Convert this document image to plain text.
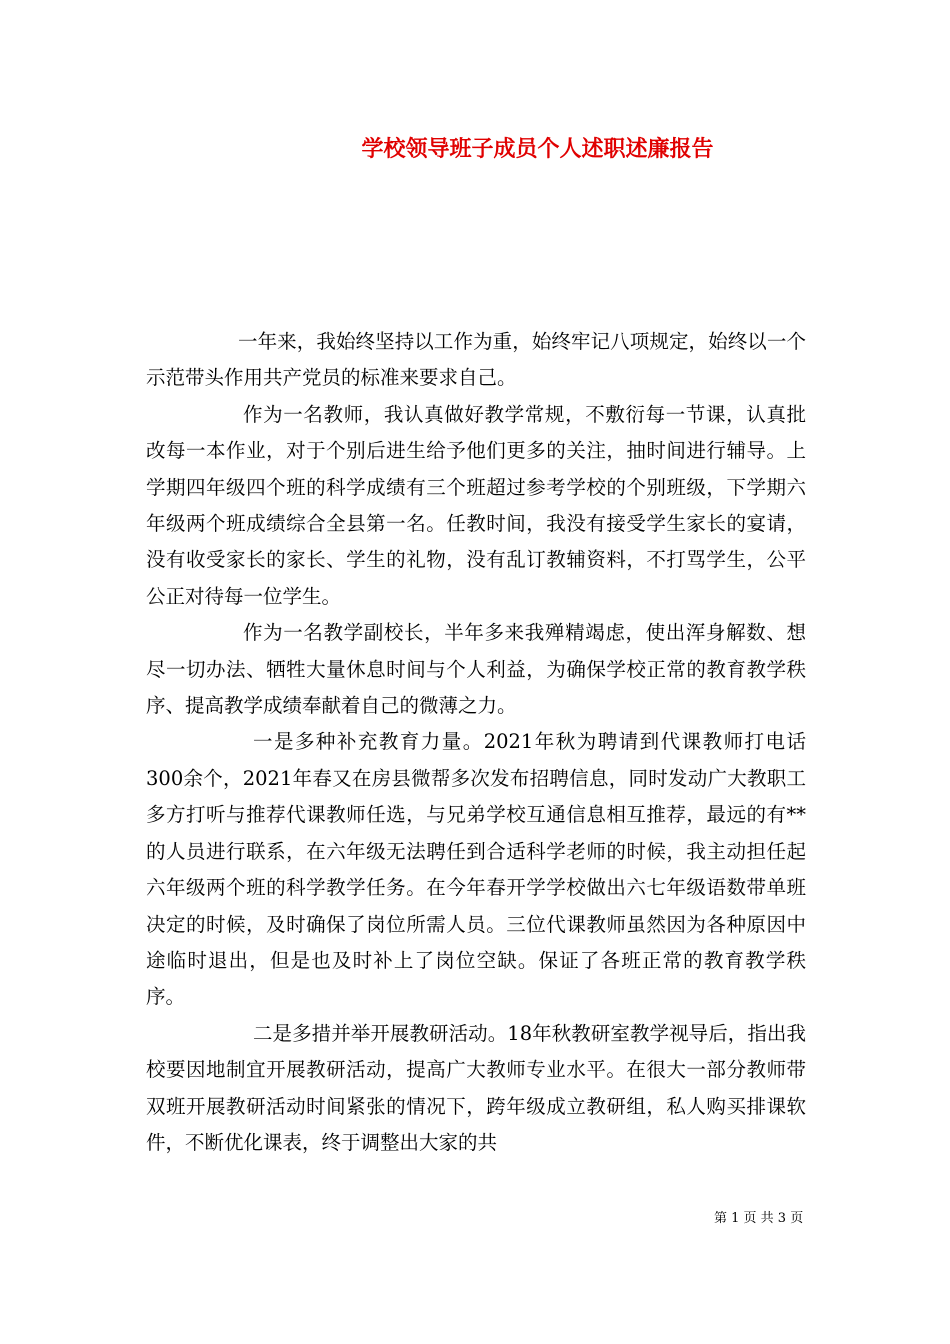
学校领导班子成员个人述职述廉报告

一年来，我始终坚持以工作为重，始终牢记八项规定，始终以一个示范带头作用共产党员的标准来要求自己。

作为一名教师，我认真做好教学常规，不敷衍每一节课，认真批改每一本作业，对于个别后进生给予他们更多的关注，抽时间进行辅导。上学期四年级四个班的科学成绩有三个班超过参考学校的个别班级，下学期六年级两个班成绩综合全县第一名。任教时间，我没有接受学生家长的宴请，没有收受家长的家长、学生的礼物，没有乱订教辅资料，不打骂学生，公平公正对待每一位学生。

作为一名教学副校长，半年多来我殚精竭虑，使出浑身解数、想尽一切办法、牺牲大量休息时间与个人利益，为确保学校正常的教育教学秩序、提高教学成绩奉献着自己的微薄之力。

一是多种补充教育力量。2021年秋为聘请到代课教师打电话300余个，2021年春又在房县微帮多次发布招聘信息，同时发动广大教职工多方打听与推荐代课教师任选，与兄弟学校互通信息相互推荐，最远的有**的人员进行联系，在六年级无法聘任到合适科学老师的时候，我主动担任起六年级两个班的科学教学任务。在今年春开学学校做出六七年级语数带单班决定的时候，及时确保了岗位所需人员。三位代课教师虽然因为各种原因中途临时退出，但是也及时补上了岗位空缺。保证了各班正常的教育教学秩序。

二是多措并举开展教研活动。18年秋教研室教学视导后，指出我校要因地制宜开展教研活动，提高广大教师专业水平。在很大一部分教师带双班开展教研活动时间紧张的情况下，跨年级成立教研组，私人购买排课软件，不断优化课表，终于调整出大家的共

第 1 页 共 3 页
